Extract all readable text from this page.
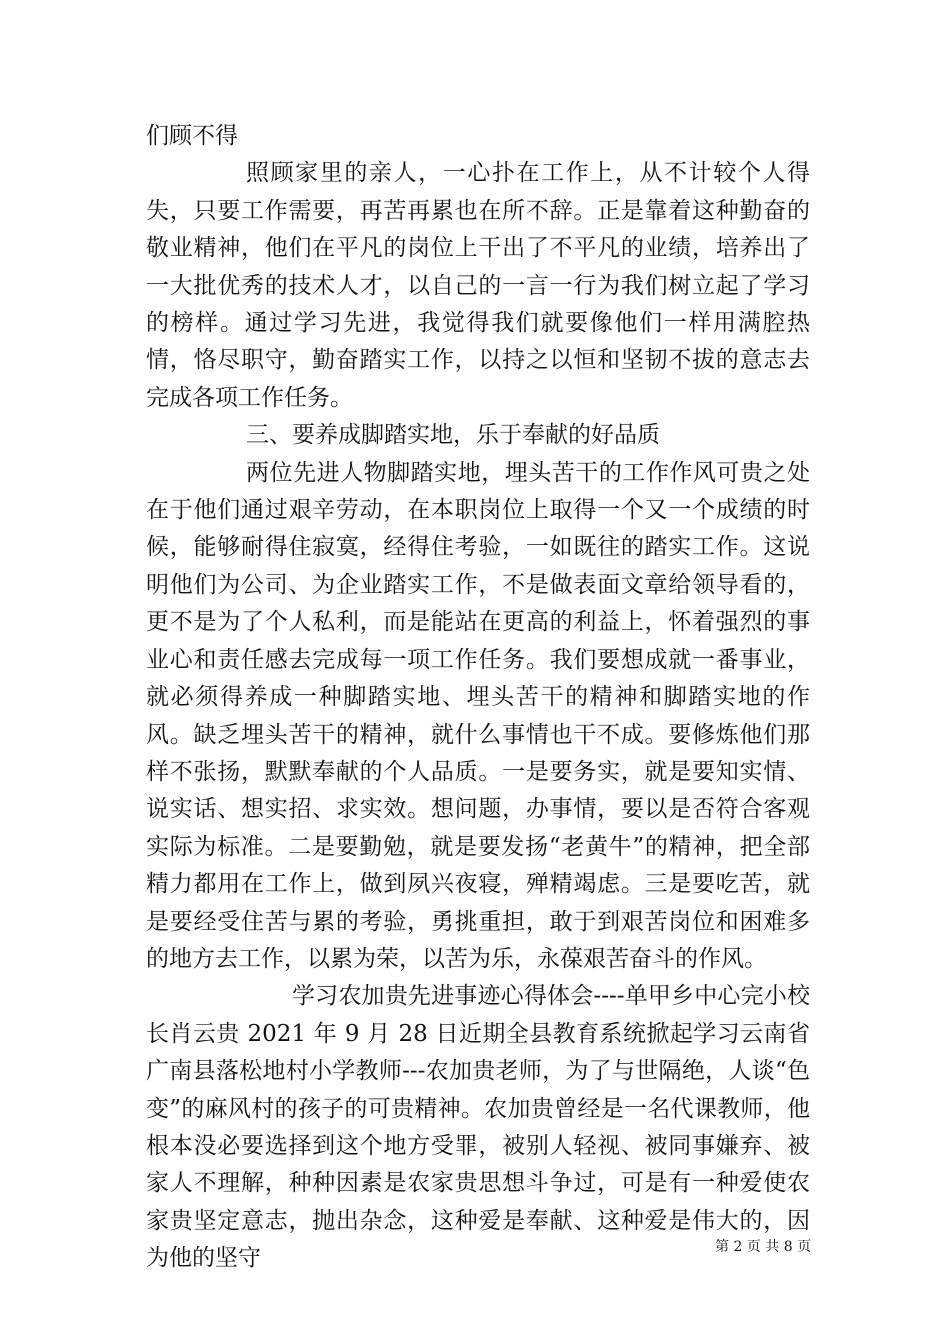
们顾不得

照顾家里的亲人，一心扑在工作上，从不计较个人得失，只要工作需要，再苦再累也在所不辞。正是靠着这种勤奋的敬业精神，他们在平凡的岗位上干出了不平凡的业绩，培养出了一大批优秀的技术人才，以自己的一言一行为我们树立起了学习的榜样。通过学习先进，我觉得我们就要像他们一样用满腔热情，恪尽职守，勤奋踏实工作，以持之以恒和坚韧不拔的意志去完成各项工作任务。

三、要养成脚踏实地，乐于奉献的好品质

两位先进人物脚踏实地，埋头苦干的工作作风可贵之处在于他们通过艰辛劳动，在本职岗位上取得一个又一个成绩的时候，能够耐得住寂寞，经得住考验，一如既往的踏实工作。这说明他们为公司、为企业踏实工作，不是做表面文章给领导看的，更不是为了个人私利，而是能站在更高的利益上，怀着强烈的事业心和责任感去完成每一项工作任务。我们要想成就一番事业，就必须得养成一种脚踏实地、埋头苦干的精神和脚踏实地的作风。缺乏埋头苦干的精神，就什么事情也干不成。要修炼他们那样不张扬，默默奉献的个人品质。一是要务实，就是要知实情、说实话、想实招、求实效。想问题，办事情，要以是否符合客观实际为标准。二是要勤勉，就是要发扬“老黄牛”的精神，把全部精力都用在工作上，做到夙兴夜寝，殚精竭虑。三是要吃苦，就是要经受住苦与累的考验，勇挑重担，敢于到艰苦岗位和困难多的地方去工作，以累为荣，以苦为乐，永葆艰苦奋斗的作风。

学习农加贵先进事迹心得体会----单甲乡中心完小校长肖云贵 2021 年 9 月 28 日近期全县教育系统掀起学习云南省广南县落松地村小学教师---农加贵老师，为了与世隔绝，人谈“色变”的麻风村的孩子的可贵精神。农加贵曾经是一名代课教师，他根本没必要选择到这个地方受罪，被别人轻视、被同事嫌弃、被家人不理解，种种因素是农家贵思想斗争过，可是有一种爱使农家贵坚定意志，抛出杂念，这种爱是奉献、这种爱是伟大的，因为他的坚守	第 2 页 共 8 页
